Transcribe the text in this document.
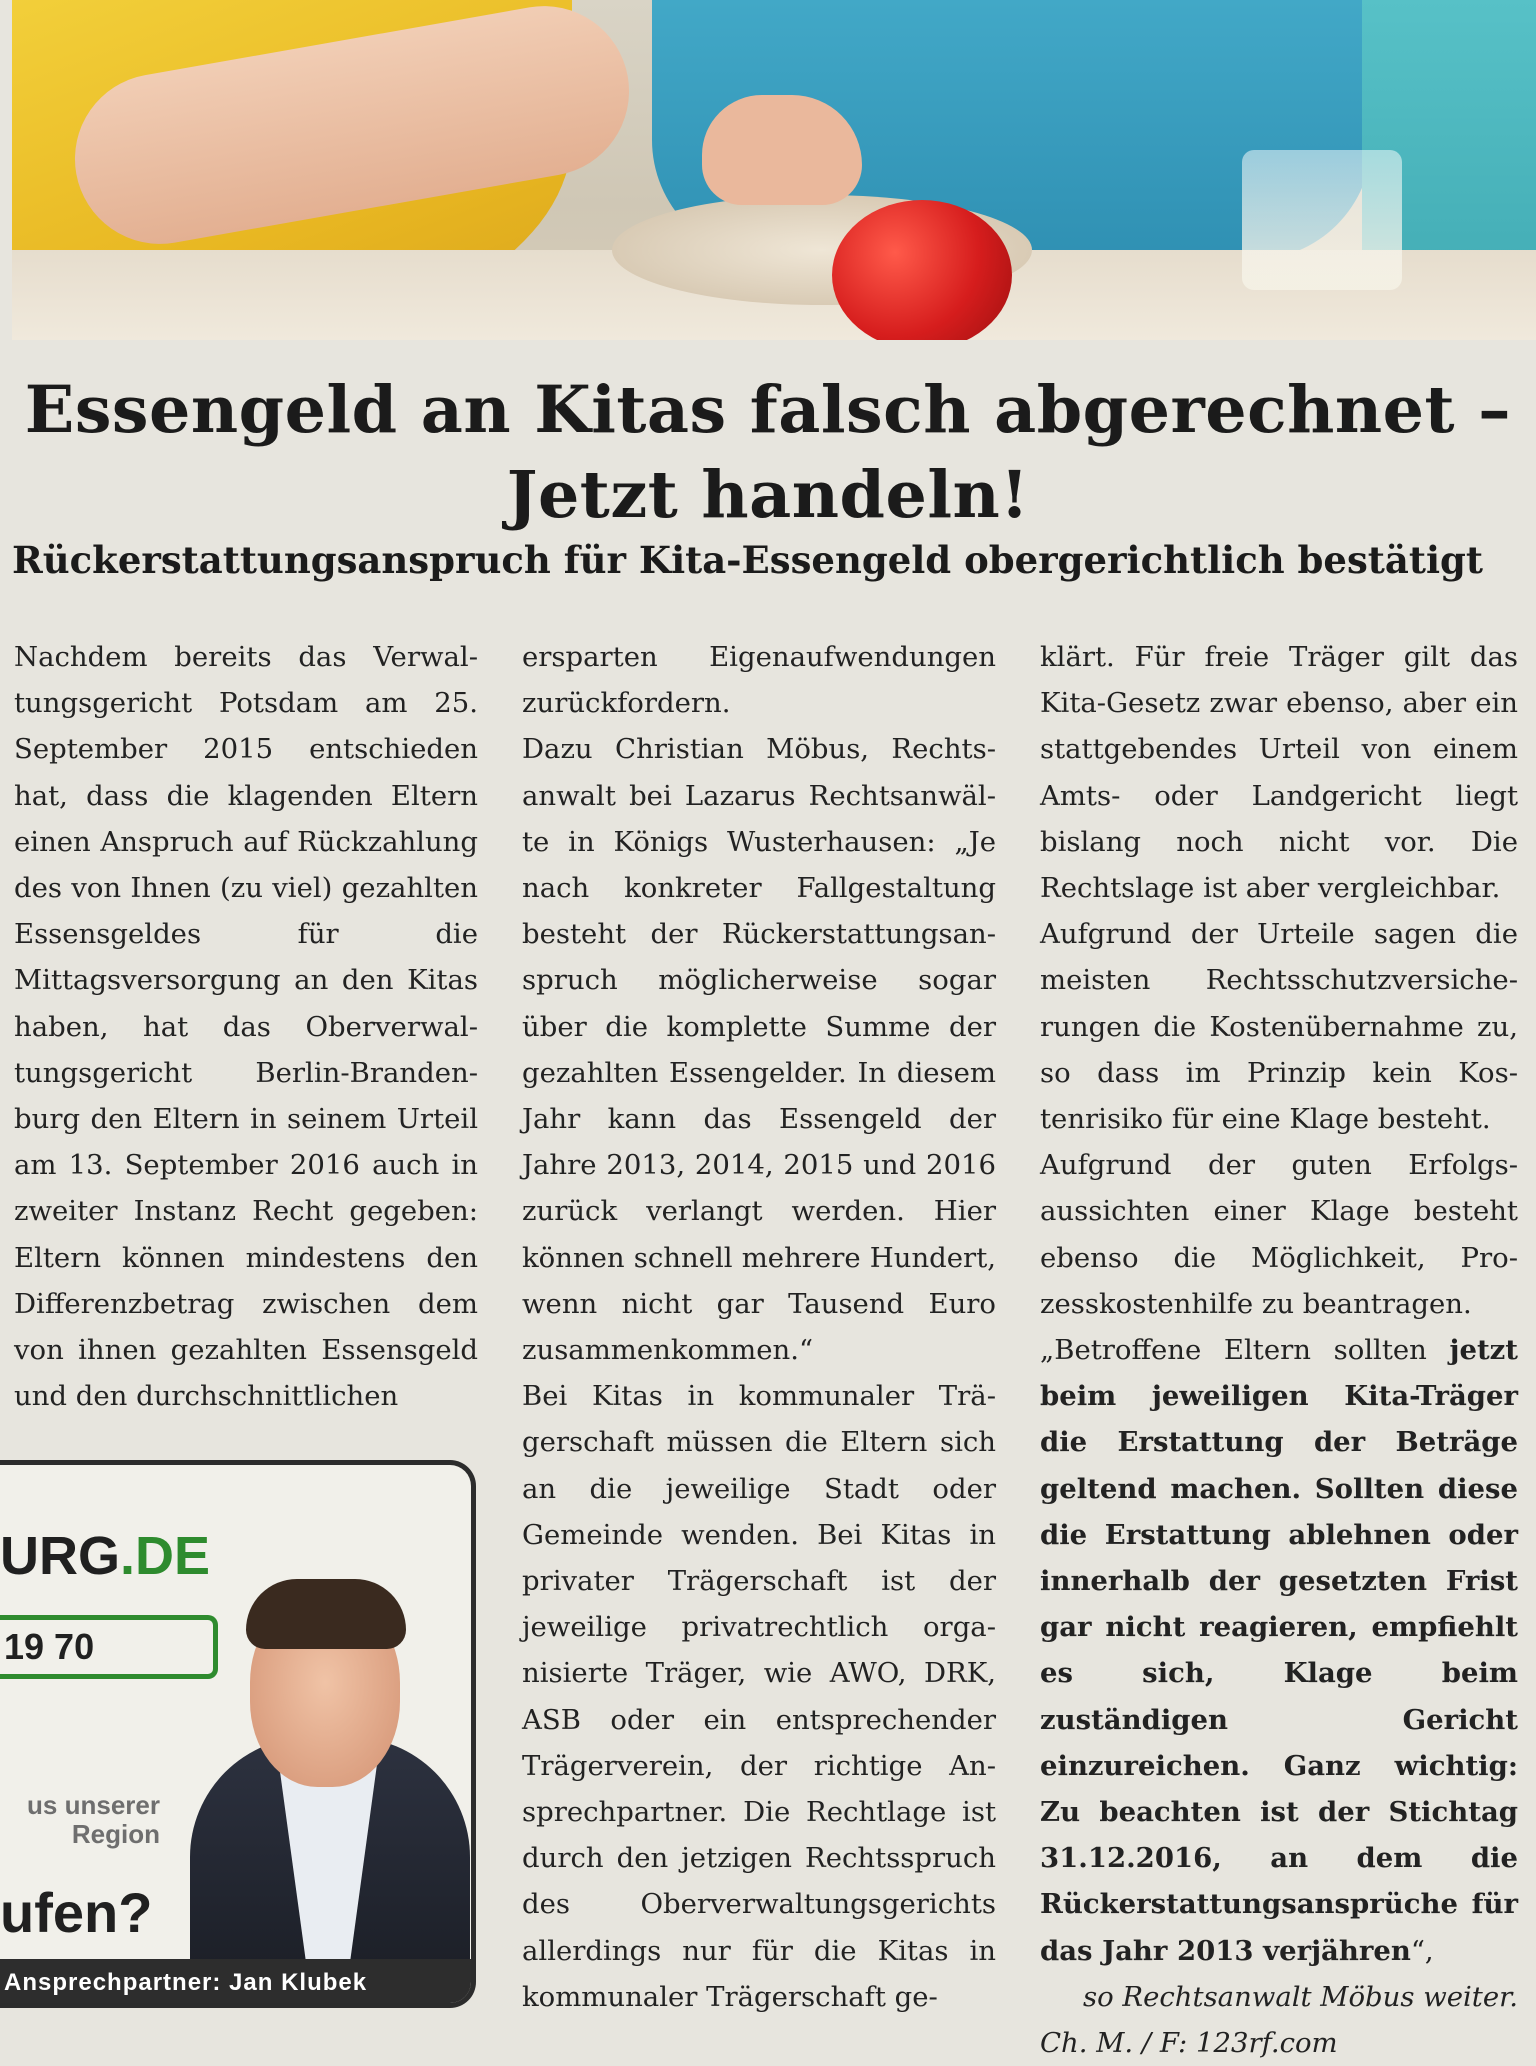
Essengeld an Kitas falsch abgerechnet –
Jetzt handeln!
Rückerstattungsanspruch für Kita-Essengeld obergerichtlich bestätigt

Nachdem bereits das Verwaltungsgericht Potsdam am 25. September 2015 entschieden hat, dass die klagenden Eltern einen Anspruch auf Rückzahlung des von Ihnen (zu viel) gezahlten Essensgeldes für die Mittagsversorgung an den Kitas haben, hat das Oberverwaltungsgericht Berlin-Brandenburg den Eltern in seinem Urteil am 13. September 2016 auch in zweiter Instanz Recht gegeben: Eltern können mindestens den Differenzbetrag zwischen dem von ihnen gezahlten Essensgeld und den durchschnittlichen

ersparten Eigenaufwendungen zurückfordern.

Dazu Christian Möbus, Rechtsanwalt bei Lazarus Rechtsanwälte in Königs Wusterhausen: „Je nach konkreter Fallgestaltung besteht der Rückerstattungsanspruch möglicherweise sogar über die komplette Summe der gezahlten Essengelder. In diesem Jahr kann das Essengeld der Jahre 2013, 2014, 2015 und 2016 zurück verlangt werden. Hier können schnell mehrere Hundert, wenn nicht gar Tausend Euro zusammenkommen.“

Bei Kitas in kommunaler Trägerschaft müssen die Eltern sich an die jeweilige Stadt oder Gemeinde wenden. Bei Kitas in privater Trägerschaft ist der jeweilige privatrechtlich organisierte Träger, wie AWO, DRK, ASB oder ein entsprechender Trägerverein, der richtige Ansprechpartner. Die Rechtlage ist durch den jetzigen Rechtsspruch des Oberverwaltungsgerichts allerdings nur für die Kitas in kommunaler Trägerschaft ge-

klärt. Für freie Träger gilt das Kita-Gesetz zwar ebenso, aber ein stattgebendes Urteil von einem Amts- oder Landgericht liegt bislang noch nicht vor. Die Rechtslage ist aber vergleichbar.

Aufgrund der Urteile sagen die meisten Rechtsschutzversicherungen die Kostenübernahme zu, so dass im Prinzip kein Kostenrisiko für eine Klage besteht.

Aufgrund der guten Erfolgsaussichten einer Klage besteht ebenso die Möglichkeit, Prozesskostenhilfe zu beantragen.

„Betroffene Eltern sollten jetzt beim jeweiligen Kita-Träger die Erstattung der Beträge geltend machen. Sollten diese die Erstattung ablehnen oder innerhalb der gesetzten Frist gar nicht reagieren, empfiehlt es sich, Klage beim zuständigen Gericht einzureichen. Ganz wichtig: Zu beachten ist der Stichtag 31.12.2016, an dem die Rückerstattungsansprüche für das Jahr 2013 verjähren“,

so Rechtsanwalt Möbus weiter.

Ch. M. / F: 123rf.com

URG.DE
19 70
us unserer
Region
ufen?
Ansprechpartner: Jan Klubek
